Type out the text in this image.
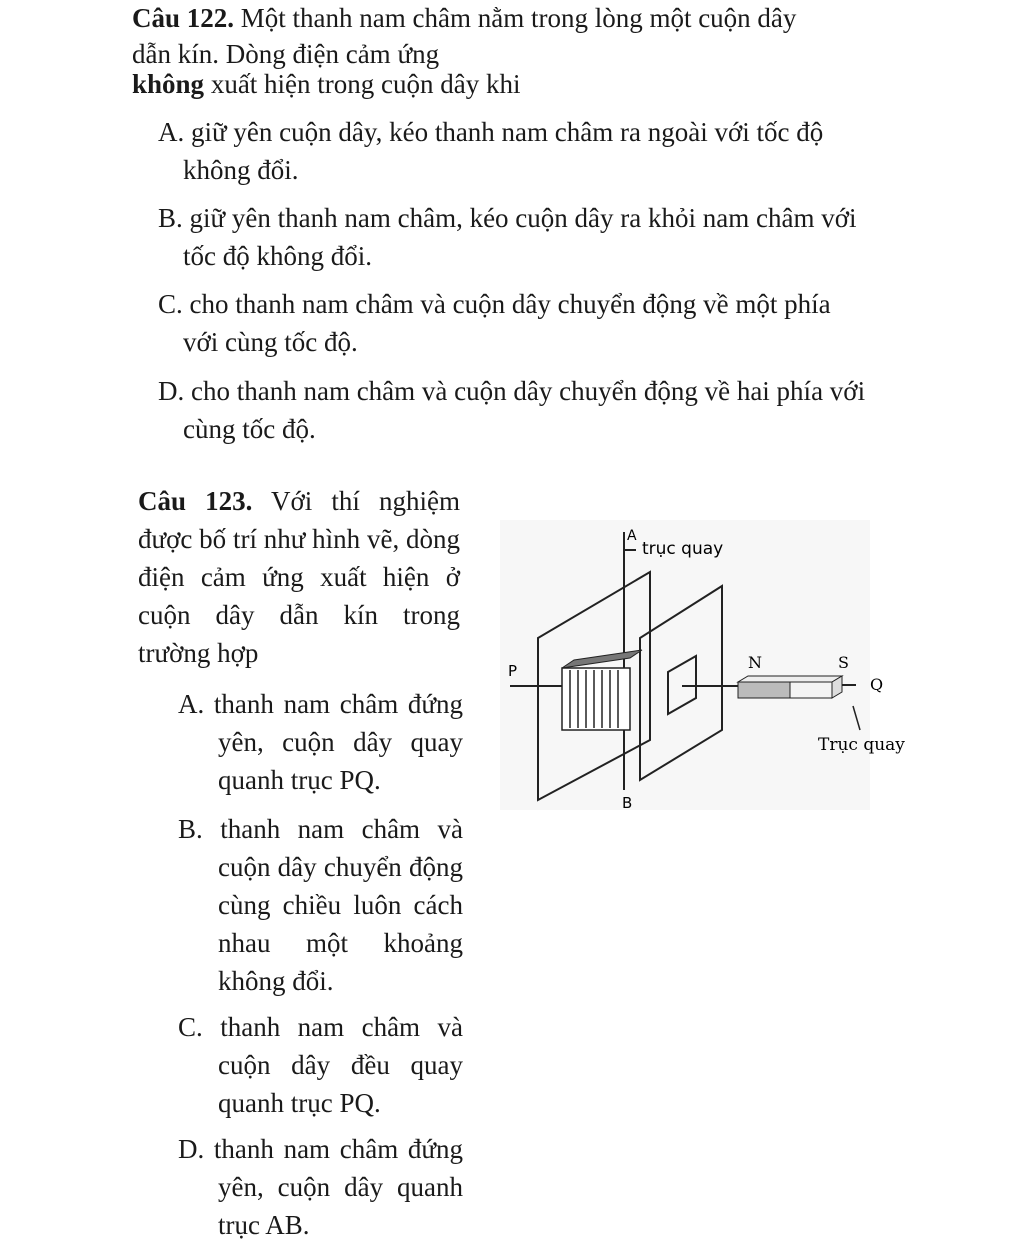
Câu 122. Một thanh nam châm nằm trong lòng một cuộn dây
dẫn kín. Dòng điện cảm ứng
không xuất hiện trong cuộn dây khi
A. giữ yên cuộn dây, kéo thanh nam châm ra ngoài với tốc độ
không đổi.
B. giữ yên thanh nam châm, kéo cuộn dây ra khỏi nam châm với
tốc độ không đổi.
C. cho thanh nam châm và cuộn dây chuyển động về một phía
với cùng tốc độ.
D. cho thanh nam châm và cuộn dây chuyển động về hai phía với
cùng tốc độ.
Câu 123. Với thí nghiệm được bố trí như hình vẽ, dòng điện cảm ứng xuất hiện ở cuộn dây dẫn kín trong trường hợp
A. thanh nam châm đứng yên, cuộn dây quay quanh trục PQ.
B. thanh nam châm và cuộn dây chuyển động cùng chiều luôn cách nhau một khoảng không đổi.
C. thanh nam châm và cuộn dây đều quay quanh trục PQ.
D. thanh nam châm đứng yên, cuộn dây quanh trục AB.
A
B
trục quay
P	N	S
Q
Trục quay
